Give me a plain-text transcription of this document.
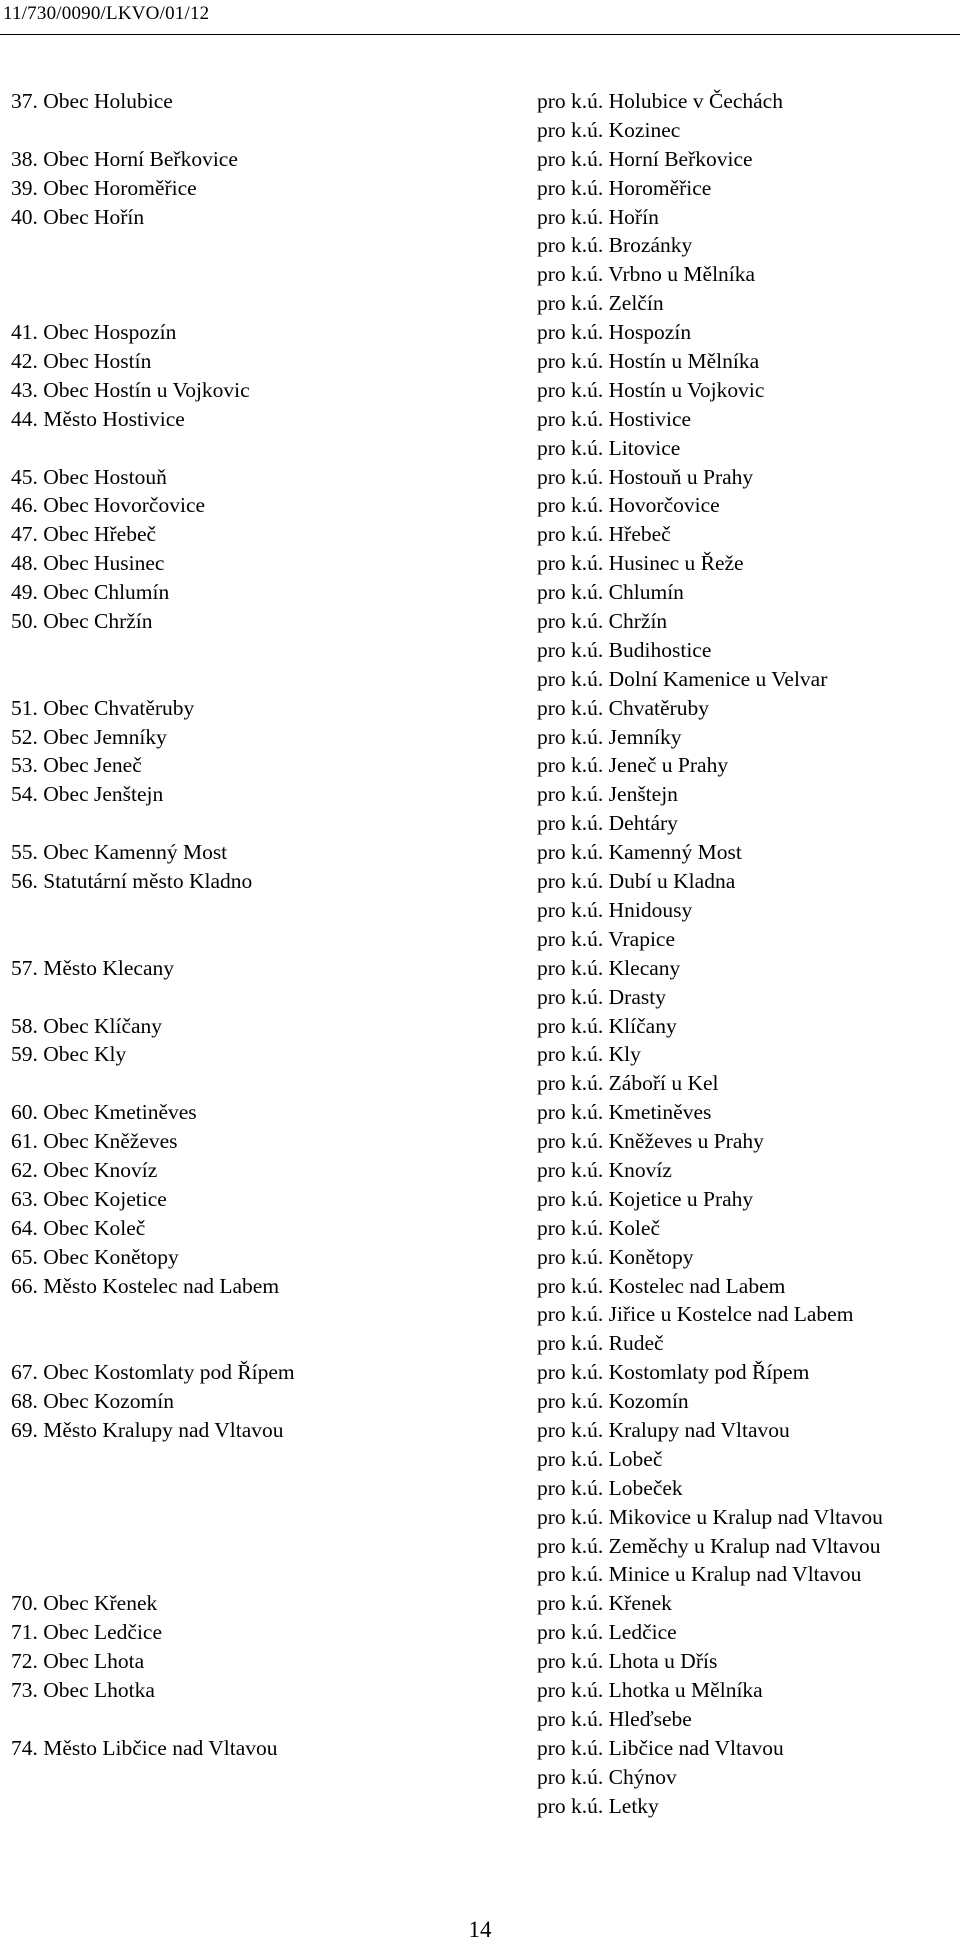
11/730/0090/LKVO/01/12
37. Obec Holubice	pro k.ú. Holubice v Čechách
pro k.ú. Kozinec
38. Obec Horní Beřkovice	pro k.ú. Horní Beřkovice
39. Obec Horoměřice	pro k.ú. Horoměřice
40. Obec Hořín	pro k.ú. Hořín
pro k.ú. Brozánky
pro k.ú. Vrbno u Mělníka
pro k.ú. Zelčín
41. Obec Hospozín	pro k.ú. Hospozín
42. Obec Hostín	pro k.ú. Hostín u Mělníka
43. Obec Hostín u Vojkovic	pro k.ú. Hostín u Vojkovic
44. Město Hostivice	pro k.ú. Hostivice
pro k.ú. Litovice
45. Obec Hostouň	pro k.ú. Hostouň u Prahy
46. Obec Hovorčovice	pro k.ú. Hovorčovice
47. Obec Hřebeč	pro k.ú. Hřebeč
48. Obec Husinec	pro k.ú. Husinec u Řeže
49. Obec Chlumín	pro k.ú. Chlumín
50. Obec Chržín	pro k.ú. Chržín
pro k.ú. Budihostice
pro k.ú. Dolní Kamenice u Velvar
51. Obec Chvatěruby	pro k.ú. Chvatěruby
52. Obec Jemníky	pro k.ú. Jemníky
53. Obec Jeneč	pro k.ú. Jeneč u Prahy
54. Obec Jenštejn	pro k.ú. Jenštejn
pro k.ú. Dehtáry
55. Obec Kamenný Most	pro k.ú. Kamenný Most
56. Statutární město Kladno	pro k.ú. Dubí u Kladna
pro k.ú. Hnidousy
pro k.ú. Vrapice
57. Město Klecany	pro k.ú. Klecany
pro k.ú. Drasty
58. Obec Klíčany	pro k.ú. Klíčany
59. Obec Kly	pro k.ú. Kly
pro k.ú. Záboří u Kel
60. Obec Kmetiněves	pro k.ú. Kmetiněves
61. Obec Kněževes	pro k.ú. Kněževes u Prahy
62. Obec Knovíz	pro k.ú. Knovíz
63. Obec Kojetice	pro k.ú. Kojetice u Prahy
64. Obec Koleč	pro k.ú. Koleč
65. Obec Konětopy	pro k.ú. Konětopy
66. Město Kostelec nad Labem	pro k.ú. Kostelec nad Labem
pro k.ú. Jiřice u Kostelce nad Labem
pro k.ú. Rudeč
67. Obec Kostomlaty pod Řípem	pro k.ú. Kostomlaty pod Řípem
68. Obec Kozomín	pro k.ú. Kozomín
69. Město Kralupy nad Vltavou	pro k.ú. Kralupy nad Vltavou
pro k.ú. Lobeč
pro k.ú. Lobeček
pro k.ú. Mikovice u Kralup nad Vltavou
pro k.ú. Zeměchy u Kralup nad Vltavou
pro k.ú. Minice u Kralup nad Vltavou
70. Obec Křenek	pro k.ú. Křenek
71. Obec Ledčice	pro k.ú. Ledčice
72. Obec Lhota	pro k.ú. Lhota u Dřís
73. Obec Lhotka	pro k.ú. Lhotka u Mělníka
pro k.ú. Hleďsebe
74. Město Libčice nad Vltavou	pro k.ú. Libčice nad Vltavou
pro k.ú. Chýnov
pro k.ú. Letky
14
